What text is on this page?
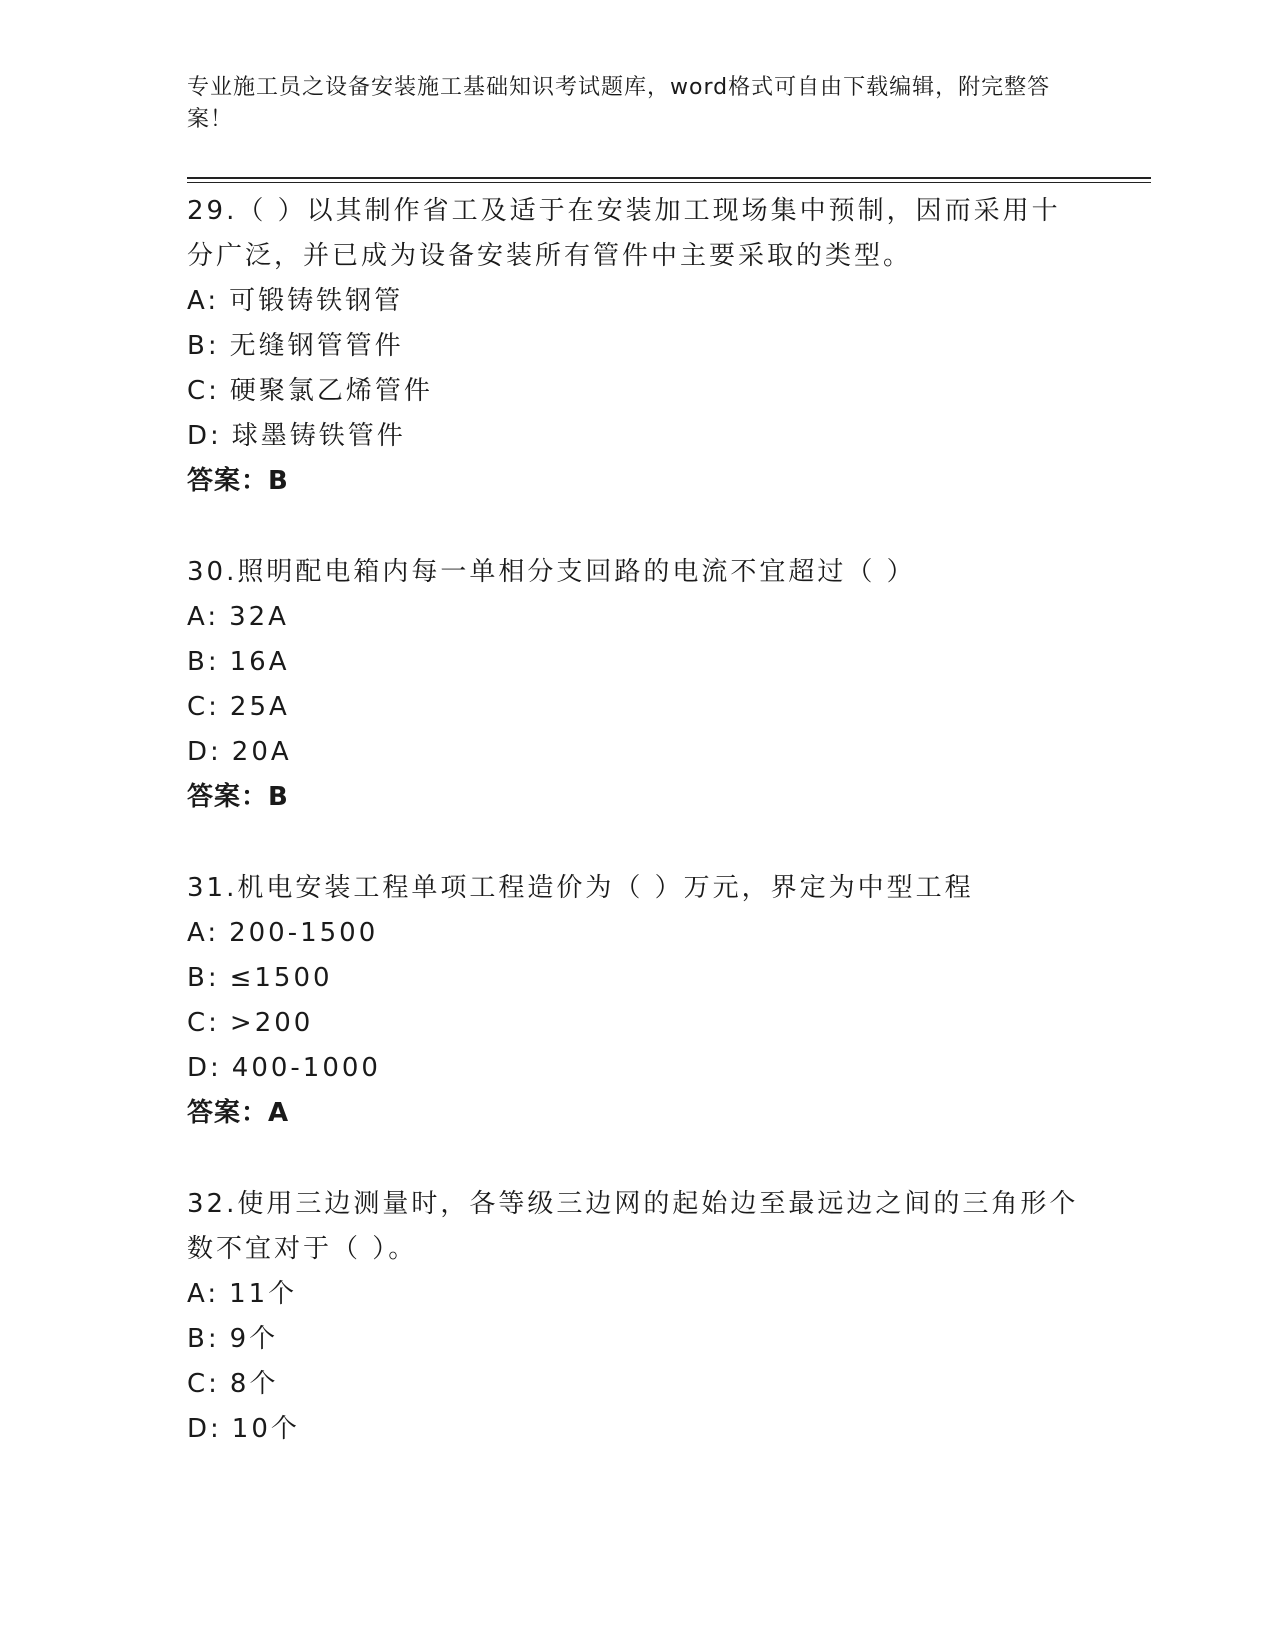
专业施工员之设备安装施工基础知识考试题库，word格式可自由下载编辑，附完整答案！

29.（ ）以其制作省工及适于在安装加工现场集中预制，因而采用十分广泛，并已成为设备安装所有管件中主要采取的类型。

A: 可锻铸铁钢管
B: 无缝钢管管件
C: 硬聚氯乙烯管件
D: 球墨铸铁管件
答案：B

30.照明配电箱内每一单相分支回路的电流不宜超过（ ）

A: 32A
B: 16A
C: 25A
D: 20A
答案：B

31.机电安装工程单项工程造价为（ ）万元，界定为中型工程

A: 200-1500
B: ≤1500
C: >200
D: 400-1000
答案：A

32.使用三边测量时，各等级三边网的起始边至最远边之间的三角形个数不宜对于（ ）。

A: 11个
B: 9个
C: 8个
D: 10个
